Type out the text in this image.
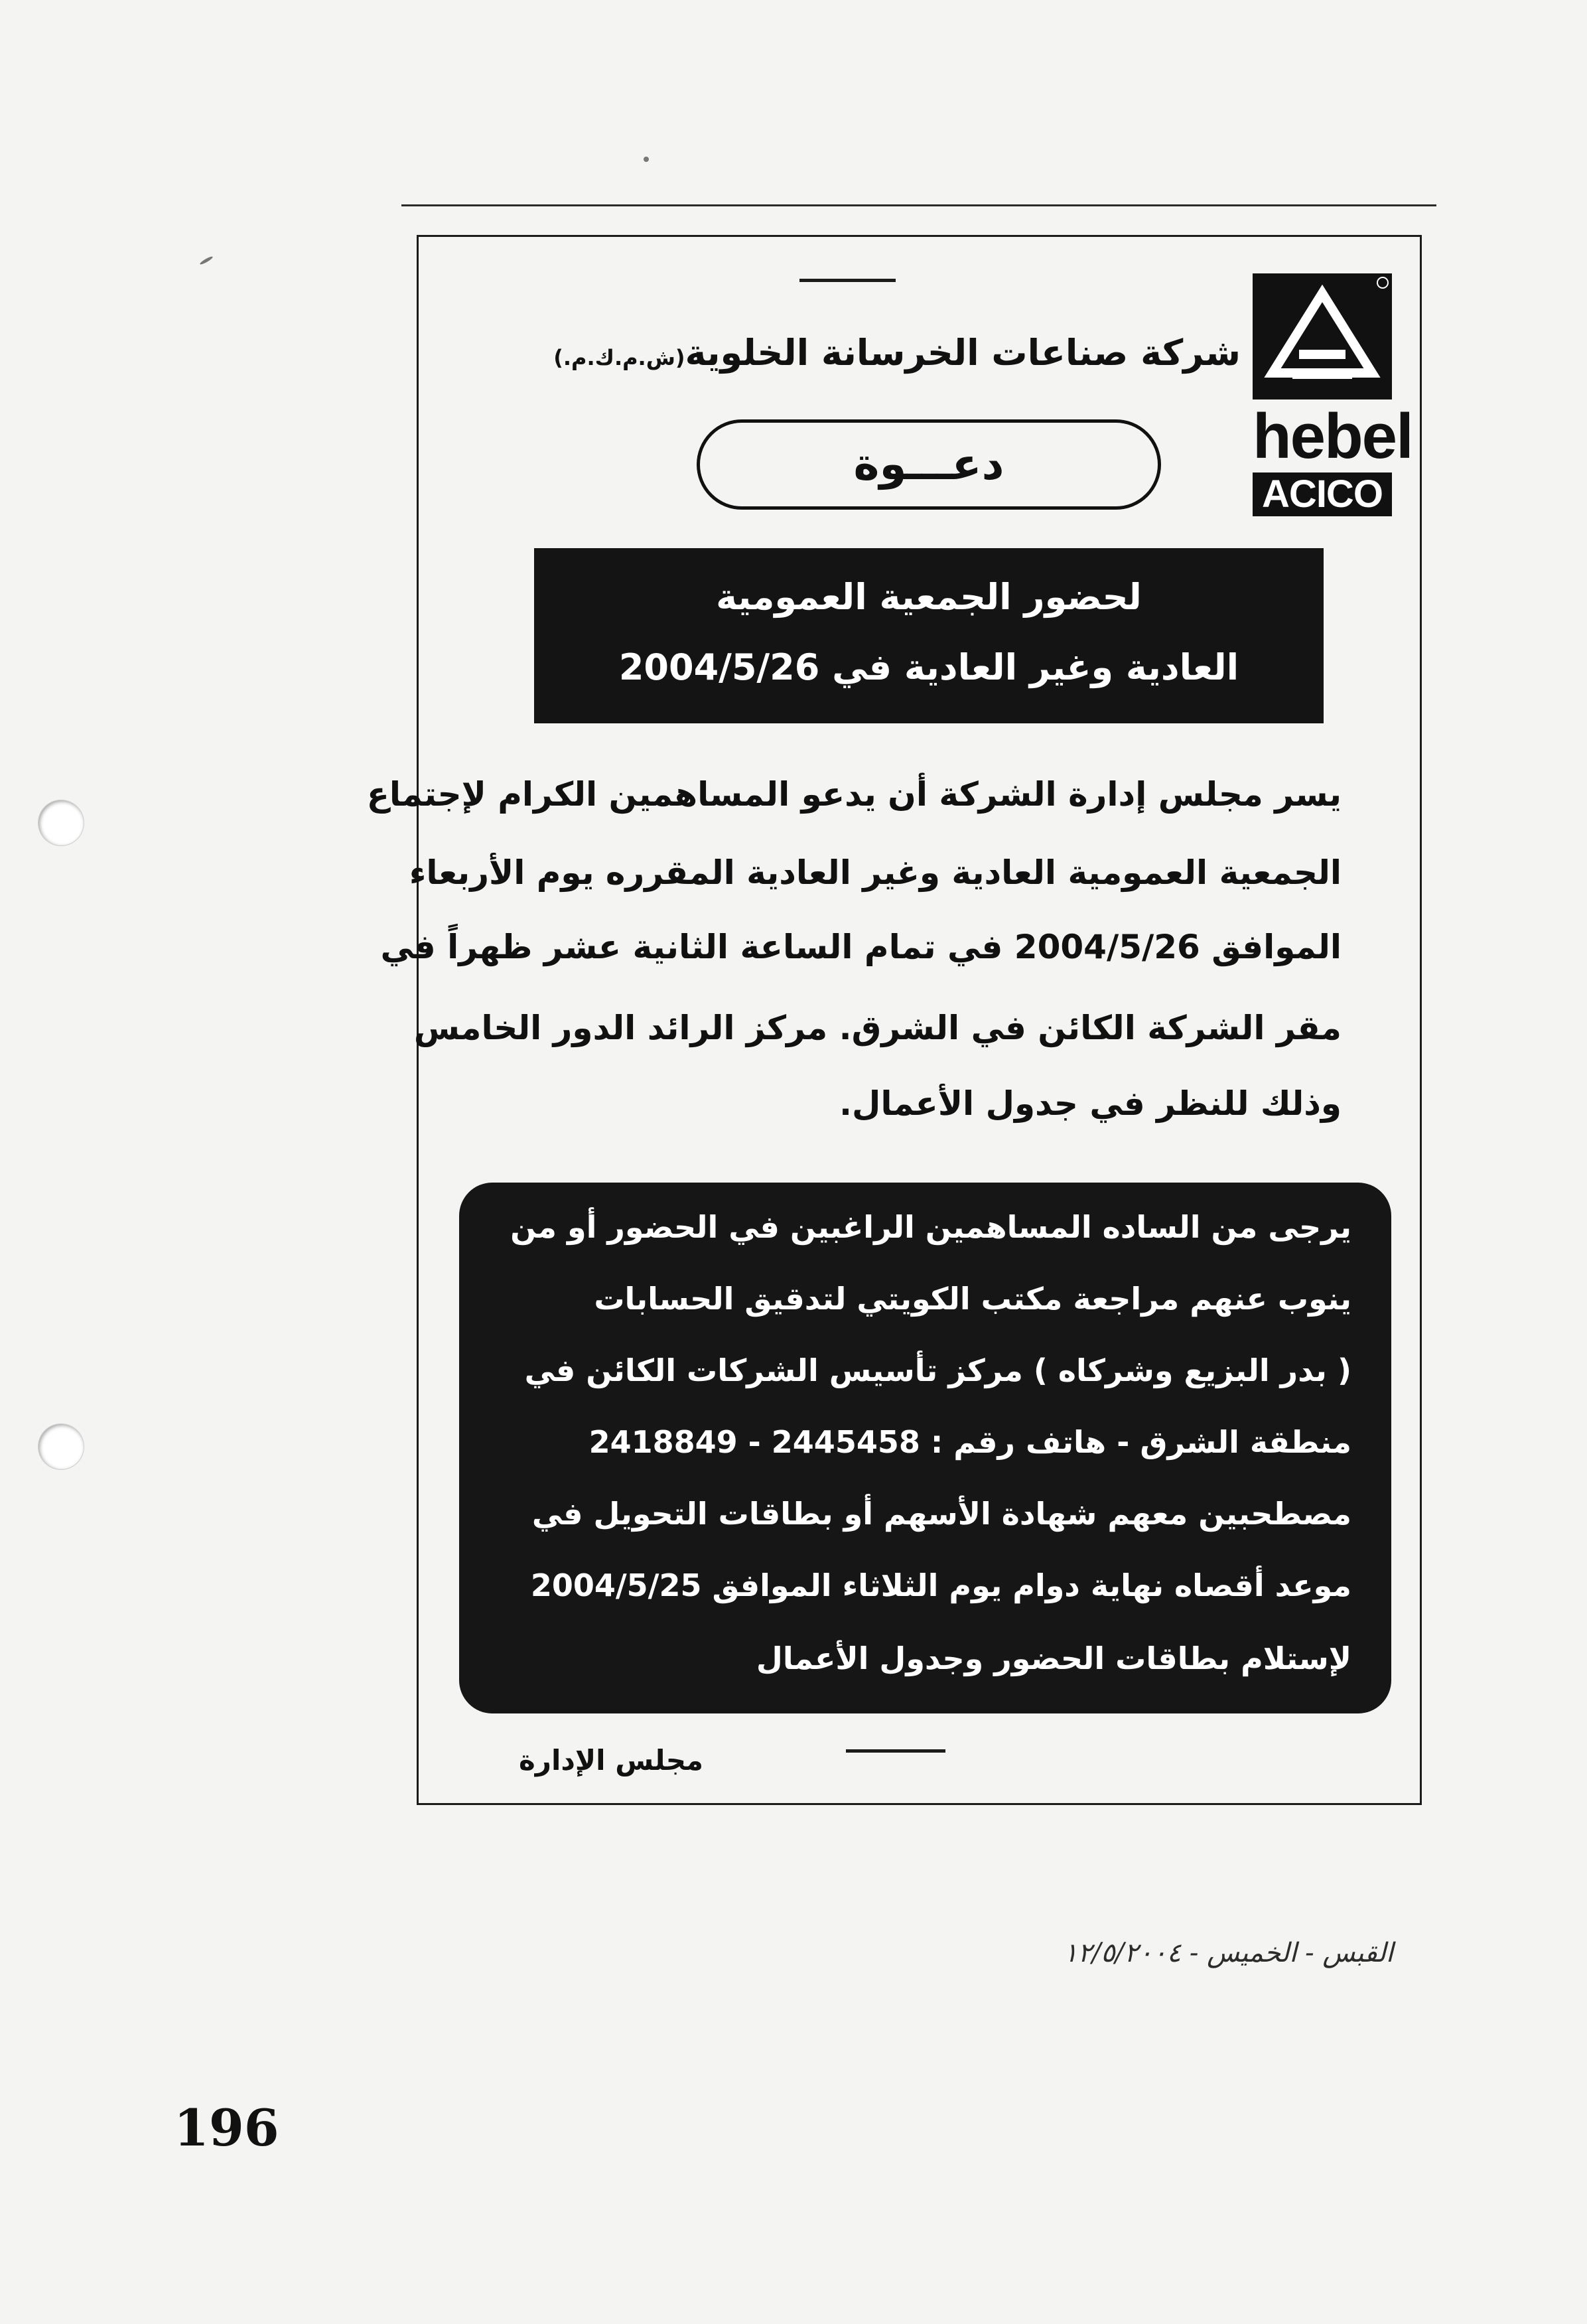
hebel
ACICO
شركة صناعات الخرسانة الخلوية(ش.م.ك.م.)
دعـــوة
لحضور الجمعية العمومية
العادية وغير العادية في 2004/5/26
يسر مجلس إدارة الشركة أن يدعو المساهمين الكرام لإجتماع
الجمعية العمومية العادية وغير العادية المقرره يوم الأربعاء
الموافق 2004/5/26 في تمام الساعة الثانية عشر ظهراً في
مقر الشركة الكائن في الشرق. مركز الرائد الدور الخامس
وذلك للنظر في جدول الأعمال.
يرجى من الساده المساهمين الراغبين في الحضور أو من
ينوب عنهم مراجعة مكتب الكويتي لتدقيق الحسابات
( بدر البزيع وشركاه ) مركز تأسيس الشركات الكائن في
منطقة الشرق - هاتف رقم : 2445458 - 2418849
مصطحبين معهم شهادة الأسهم أو بطاقات التحويل في
موعد أقصاه نهاية دوام يوم الثلاثاء الموافق 2004/5/25
لإستلام بطاقات الحضور وجدول الأعمال
مجلس الإدارة
القبس - الخميس - ١٢/٥/٢٠٠٤
196
